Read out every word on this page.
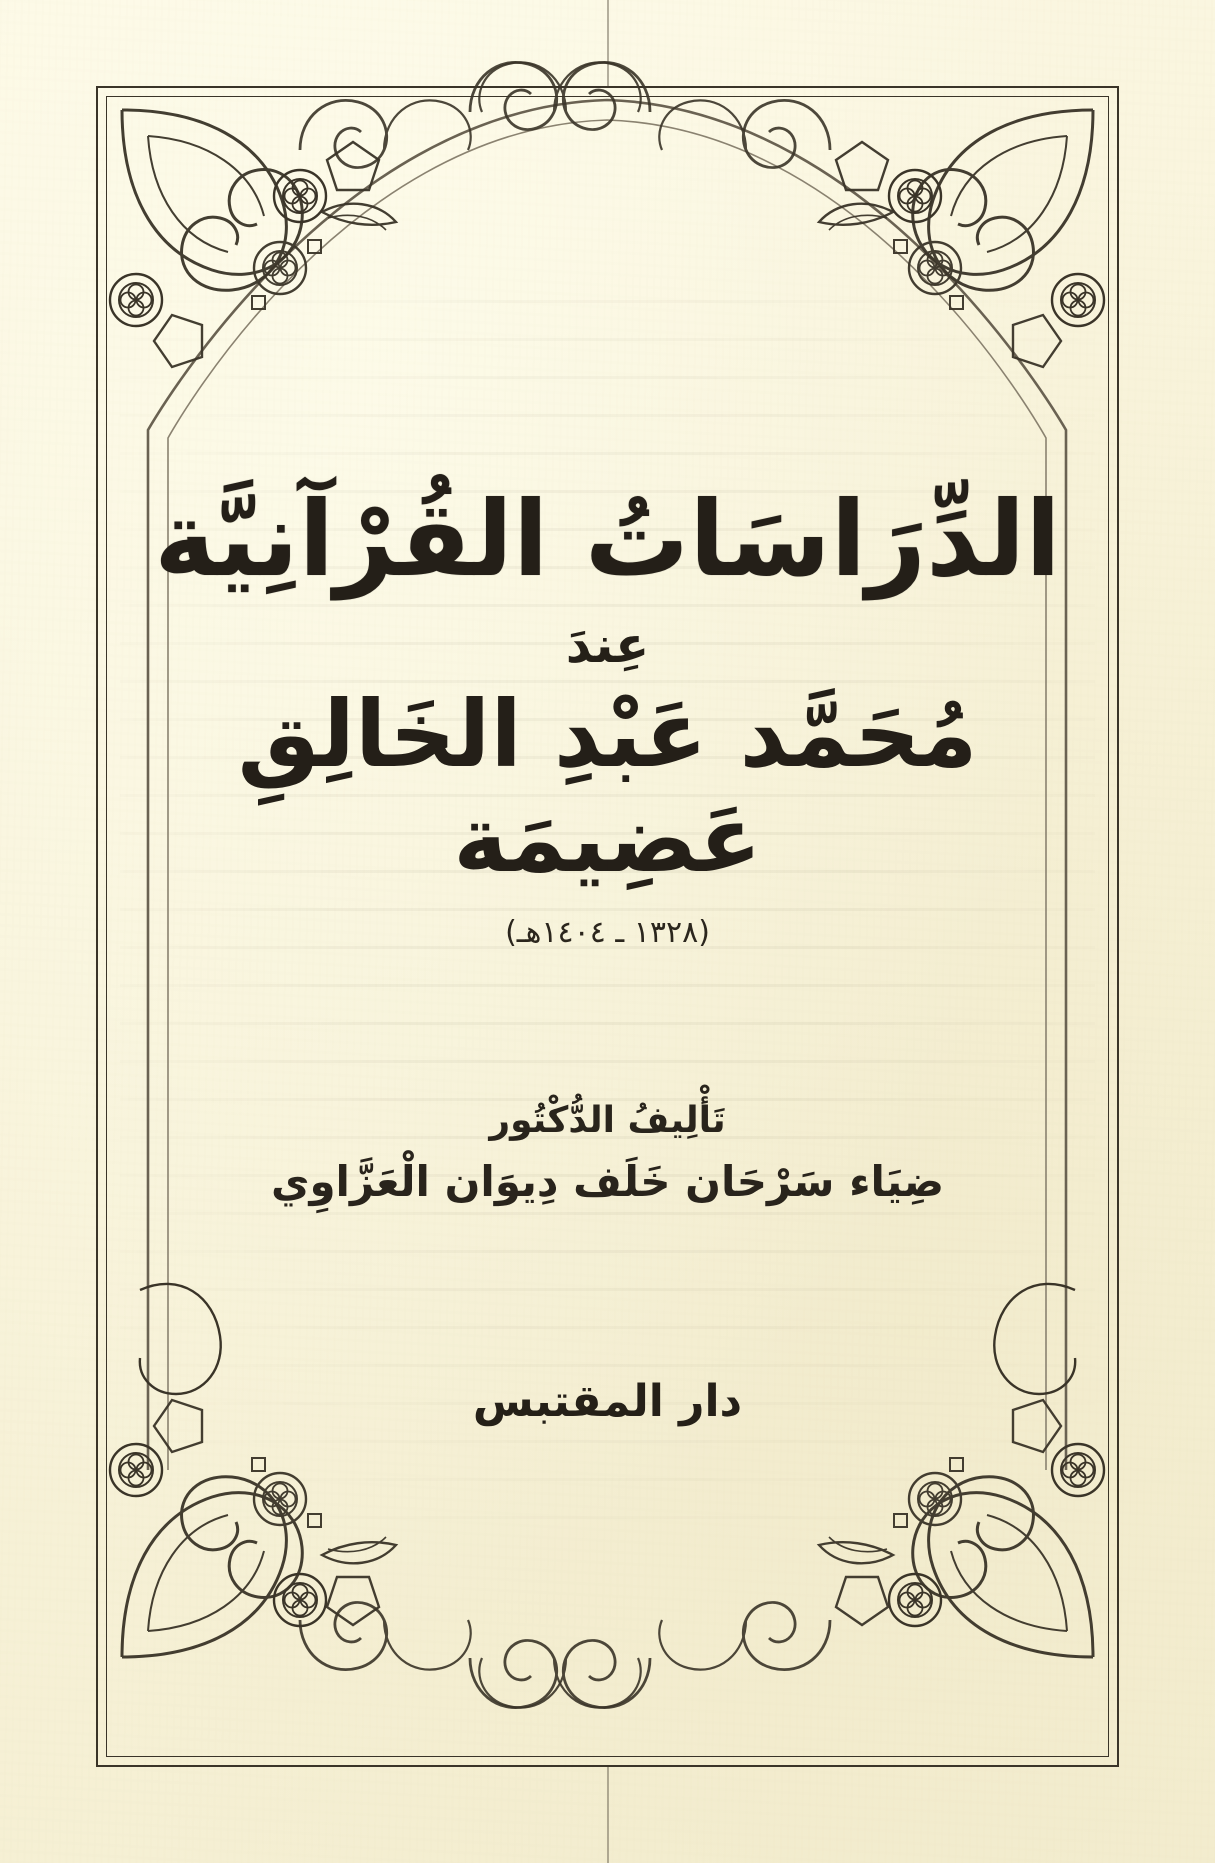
الدِّرَاسَاتُ القُرْآنِيَّة
عِندَ
مُحَمَّد عَبْدِ الخَالِقِ عَضِيمَة
(١٣٢٨ ـ ١٤٠٤هـ)
تَأْلِيفُ الدُّكْتُور
ضِيَاء سَرْحَان خَلَف دِيوَان الْعَزَّاوِي
دار المقتبس
